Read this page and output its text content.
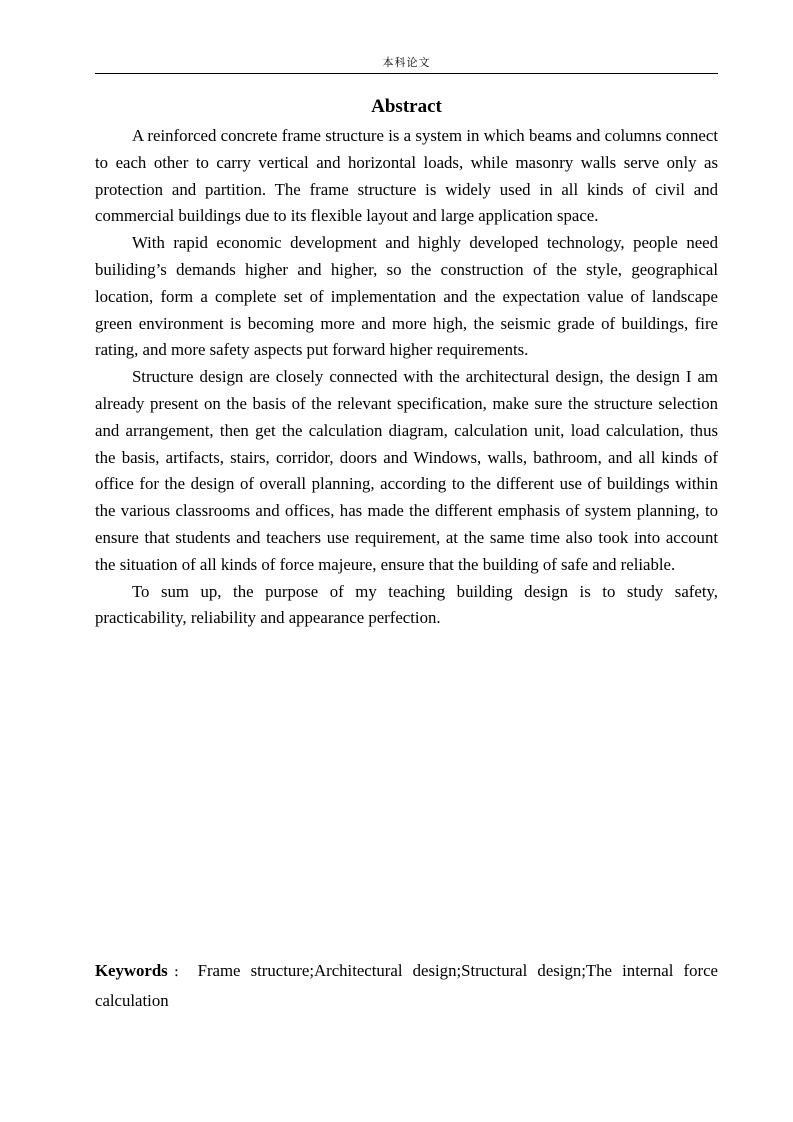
本科论文
Abstract

A reinforced concrete frame structure is a system in which beams and columns connect to each other to carry vertical and horizontal loads, while masonry walls serve only as protection and partition. The frame structure is widely used in all kinds of civil and commercial buildings due to its flexible layout and large application space.

With rapid economic development and highly developed technology, people need builiding’s demands higher and higher, so the construction of the style, geographical location, form a complete set of implementation and the expectation value of landscape green environment is becoming more and more high, the seismic grade of buildings, fire rating, and more safety aspects put forward higher requirements.

Structure design are closely connected with the architectural design, the design I am already present on the basis of the relevant specification, make sure the structure selection and arrangement, then get the calculation diagram, calculation unit, load calculation, thus the basis, artifacts, stairs, corridor, doors and Windows, walls, bathroom, and all kinds of office for the design of overall planning, according to the different use of buildings within the various classrooms and offices, has made the different emphasis of system planning, to ensure that students and teachers use requirement, at the same time also took into account the situation of all kinds of force majeure, ensure that the building of safe and reliable.

To sum up, the purpose of my teaching building design is to study safety, practicability, reliability and appearance perfection.

Keywords： Frame structure;Architectural design;Structural design;The internal force calculation
